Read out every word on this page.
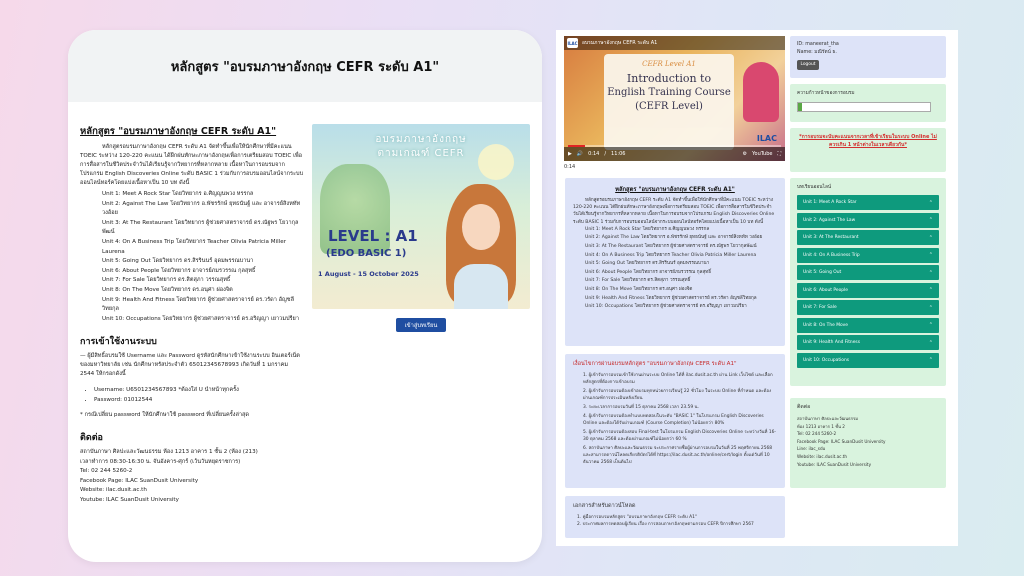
หลักสูตร "อบรมภาษาอังกฤษ CEFR ระดับ A1"
หลักสูตร "อบรมภาษาอังกฤษ CEFR ระดับ A1"
หลักสูตรอบรมภาษาอังกฤษ CEFR ระดับ A1 จัดทำขึ้นเพื่อให้นักศึกษาที่มีคะแนน TOEIC ระหว่าง 120-220 คะแนน ได้ฝึกฝนทักษะภาษาอังกฤษเพื่อการเตรียมสอบ TOEIC เพื่อการสื่อสารในชีวิตประจำวันได้เรียนรู้จากวิทยากรที่หลากหลาย เนื้อหาในการอบรมจากโปรแกรม English Discoveries Online ระดับ BASIC 1 ร่วมกับการอบรมออนไลน์จากระบบออนไลน์ทอร์คโดยแบ่งเนื้อหาเป็น 10 บท ดังนี้
Unit 1: Meet A Rock Star โดยวิทยากร อ.ศิญญนพวง หรรกล
Unit 2: Against The Law โดยวิทยากร อ.พัชรรักษ์ ยุทธนันฐ์ และ อาจารย์สิงหทัท วงอ้อย
Unit 3: At The Restaurant โดยวิทยากร ผู้ช่วยศาสตราจารย์ ดร.ณัฐพร โยวากุลพัฒน์
Unit 4: On A Business Trip โดยวิทยากร Teacher Olivia Patricia Miller Laurena
Unit 5: Going Out โดยวิทยากร ดร.สิรรินนร์ อุดมพรรณบานา
Unit 6: About People โดยวิทยากร อาจารย์ภมรวรรณ กุลสุทธิ์
Unit 7: For Sale โดยวิทยากร ดร.สิตสุภา วรรณสุทธิ์
Unit 8: On The Move โดยวิทยากร ดร.อนุศา ผ่องจิต
Unit 9: Health And Fitness โดยวิทยากร ผู้ช่วยศาสตราจารย์ ดร.วรัดา อัญชลีวิทยกุล
Unit 10: Occupations โดยวิทยากร ผู้ช่วยศาสตราจารย์ ดร.อริญญา เยาวมปรียา
การเข้าใช้งานระบบ
— ผู้มีสิทธิ์อบรมใช้ Username และ Password ดูรหัสนักศึกษาเข้าใช้งานระบบ อินเตอร์เน็ตของมหาวิทยาลัย เช่น นักศึกษาหรัสประจำตัว 65012345678993 เกิดวันที่ 1 มกราคม 2544 ให้กรอกดังนี้
• Username: U6501234567893 *ต้องใส่ U นำหน้าทุกครั้ง
• Password: 01012544
* กรณีเปลี่ยน password ให้นักศึกษาใช้ password ที่เปลี่ยนครั้งล่าสุด
ติดต่อ
สถาบันภาษา ศิลปะและวัฒนธรรม ห้อง 1213 อาคาร 1 ชั้น 2 (ห้อง (213)
เวลาทำการ 08:30-16:30 น. จันอังคาร-ศุกร์ (เว้นวันหยุดราชการ)
Tel: 02 244 5260-2
Facebook Page: ILAC SuanDusit University
Website: ilac.dusit.ac.th
Youtube: ILAC SuanDusit University
อบรมภาษาอังกฤษ
ตามเกณฑ์ CEFR
LEVEL : A1
(EDO BASIC 1)
1 August - 15 October 2025
เข้าสู่บทเรียน
ILAC อบรมภาษาอังกฤษ CEFR ระดับ A1
CEFR Level A1
Introduction to
English Training Course
(CEFR Level)
ILAC
▶ 🔊 0:14 / 11:06	⚙ YouTube ⛶
0:14
หลักสูตร "อบรมภาษาอังกฤษ CEFR ระดับ A1"
หลักสูตรอบรมภาษาอังกฤษ CEFR ระดับ A1 จัดทำขึ้นเพื่อให้นักศึกษาที่มีคะแนน TOEIC ระหว่าง 120-220 คะแนน ได้ฝึกฝนทักษะภาษาอังกฤษเพื่อการเตรียมสอบ TOEIC เพื่อการสื่อสารในชีวิตประจำวันได้เรียนรู้จากวิทยากรที่หลากหลาย เนื้อหาในการอบรมจากโปรแกรม English Discoveries Online ระดับ BASIC 1 ร่วมกับการอบรมออนไลน์จากระบบออนไลน์ทอร์คโดยแบ่งเนื้อหาเป็น 10 บท ดังนี้
Unit 1: Meet A Rock Star โดยวิทยากร อ.ศิญญนพวง หรรกล
Unit 2: Against The Law โดยวิทยากร อ.พัชรรักษ์ ยุทธนันฐ์ และ อาจารย์สิงหทัท วงอ้อย
Unit 3: At The Restaurant โดยวิทยากร ผู้ช่วยศาสตราจารย์ ดร.ณัฐพร โยวากุลพัฒน์
Unit 4: On A Business Trip โดยวิทยากร Teacher Olivia Patricia Miller Laurena
Unit 5: Going Out โดยวิทยากร ดร.สิรรินนร์ อุดมพรรณบานา
Unit 6: About People โดยวิทยากร อาจารย์ภมรวรรณ กุลสุทธิ์
Unit 7: For Sale โดยวิทยากร ดร.สิตสุภา วรรณสุทธิ์
Unit 8: On The Move โดยวิทยากร ดร.อนุศา ผ่องจิต
Unit 9: Health And Fitness โดยวิทยากร ผู้ช่วยศาสตราจารย์ ดร.วรัดา อัญชลีวิทยกุล
Unit 10: Occupations โดยวิทยากร ผู้ช่วยศาสตราจารย์ ดร.อริญญา เยาวมปรียา
เงื่อนไขการผ่านอบรมหลักสูตร "อบรมภาษาอังกฤษ CEFR ระดับ A1"
1. ผู้เข้ารับการอบรมเข้าใช้งานผ่านระบบ Online ได้ที่ ilac.dusit.ac.th ผ่าน Link เว็บไซต์ และเลือกหลักสูตรที่ต้องการเข้าอบรม
2. ผู้เข้ารับการอบรมต้องเข้าอบรมทุกหน่วยการเรียนรู้ 22 ชั่วโมง ในระบบ Online ที่กำหนด และต้องผ่านเกณฑ์การประเมินหลังเรียน
3. ระยะเวลาการอบรมวันที่ 15 ตุลาคม 2568 เวลา 23.59 น.
4. ผู้เข้ารับการอบรมต้องทำแบบทดสอบในระดับ "BASIC 1" ในโปรแกรม English Discoveries Online และต้องได้รับผ่านเกณฑ์ (Course Completion) ไม่น้อยกว่า 80%
5. ผู้เข้ารับการอบรมต้องสอบ Final-test ในโปรแกรม English Discoveries Online ระหว่างวันที่ 16-30 ตุลาคม 2568 และต้องผ่านเกณฑ์ไม่น้อยกว่า 60 %
6. สถาบันภาษา ศิลปะและวัฒนธรรม จะประกาศรายชื่อผู้ผ่านการอบรมในวันที่ 25 พฤศจิกายน 2568 และสามารถดาวน์โหลดเกียรติบัตรได้ที่ https://ilac.dusit.ac.th/online/cert/login ตั้งแต่วันที่ 10 ธันวาคม 2568 เป็นต้นไป
เอกสารสำหรับดาวน์โหลด
1. คู่มือการอบรมหลักสูตร "อบรมภาษาอังกฤษ CEFR ระดับ A1"
2. ประกาศผลการทดสอบผู้เรียน เรื่อง การสอบภาษาอังกฤษตามกรอบ CEFR ปีการศึกษา 2567
ID: maneerat_tha
Name: มณีรัตน์ ธ.
Logout
ความก้าวหน้าของการอบรม
*การอบรมจะนับคะแนนจากเวลาที่เข้าเรียนในระบบ Online ไม่ควรเกิน 1 หน้าต่างในเวลาเดียวกัน*
บทเรียนออนไลน์
Unit 1: Meet A Rock Star	⌃
Unit 2: Against The Law	⌃
Unit 3: At The Restaurant	⌃
Unit 4: On A Business Trip	⌃
Unit 5: Going Out	⌃
Unit 6: About People	⌃
Unit 7: For Sale	⌃
Unit 8: On The Move	⌃
Unit 9: Health And Fitness	⌃
Unit 10: Occupations	⌃
ติดต่อ
สถาบันภาษา ศิลปะและวัฒนธรรม
ห้อง 1213 อาคาร 1 ชั้น 2
Tel: 02 244 5260-2
Facebook Page: ILAC SuanDusit University
Line: ilac_sdu
Website: ilac.dusit.ac.th
Youtube: ILAC SuanDusit University
